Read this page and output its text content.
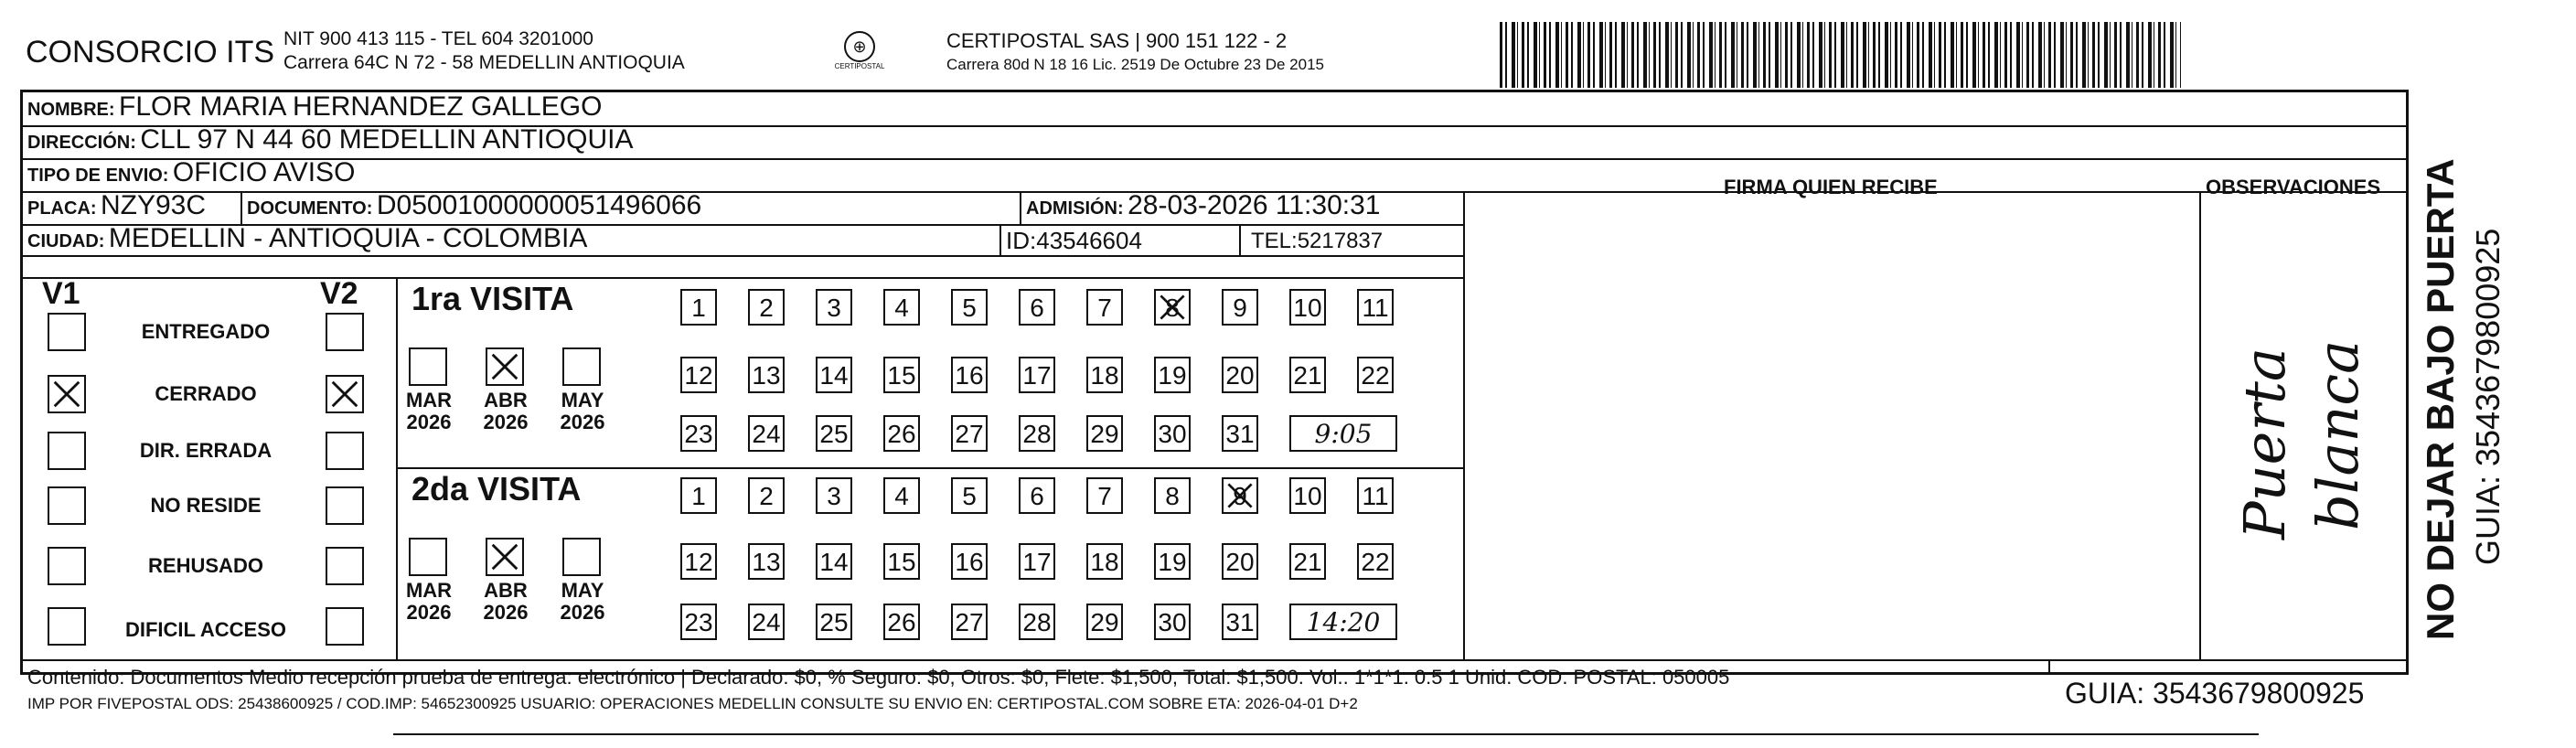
CONSORCIO ITS NIT 900 413 115 - TEL 604 3201000
Carrera 64C N 72 - 58 MEDELLIN ANTIOQUIA
⊕
CERTIPOSTAL
CERTIPOSTAL SAS | 900 151 122 - 2
Carrera 80d N 18 16 Lic. 2519 De Octubre 23 De 2015
NOMBRE: FLOR MARIA HERNANDEZ GALLEGO
DIRECCIÓN: CLL 97 N 44 60 MEDELLIN ANTIOQUIA
TIPO DE ENVIO: OFICIO AVISO	FIRMA QUIEN RECIBE	OBSERVACIONES
PLACA: NZY93C DOCUMENTO: D05001000000051496066	ADMISIÓN: 28-03-2026 11:30:31
CIUDAD: MEDELLIN - ANTIOQUIA - COLOMBIA	ID:43546604	TEL:5217837
V1	V2
ENTREGADO
CERRADO
DIR. ERRADA
NO RESIDE
REHUSADO
DIFICIL ACCESO
1ra VISITA
MAR
2026
ABR
2026
MAY
2026
1	2	3	4	5	6	7	8	9	10 11
12 13 14 15 16 17 18 19 20 21 22
23 24 25 26 27 28 29 30 31	9:05
2da VISITA
MAR
2026
ABR
2026
MAY
2026
1	2	3	4	5	6	7	8	9	10 11
12 13 14 15 16 17 18 19 20 21 22
23 24 25 26 27 28 29 30 31	14:20
Puerta blanca NO DEJAR BAJO PUERTA GUIA: 3543679800925
Contenido: Documentos Medio recepción prueba de entrega: electrónico | Declarado: $0, % Seguro: $0, Otros: $0, Flete: $1,500, Total: $1,500. Vol.. 1*1*1. 0.5 1 Unid. COD. POSTAL: 050005
IMP POR FIVEPOSTAL ODS: 25438600925 / COD.IMP: 54652300925 USUARIO: OPERACIONES MEDELLIN CONSULTE SU ENVIO EN: CERTIPOSTAL.COM SOBRE ETA: 2026-04-01 D+2	GUIA: 3543679800925
